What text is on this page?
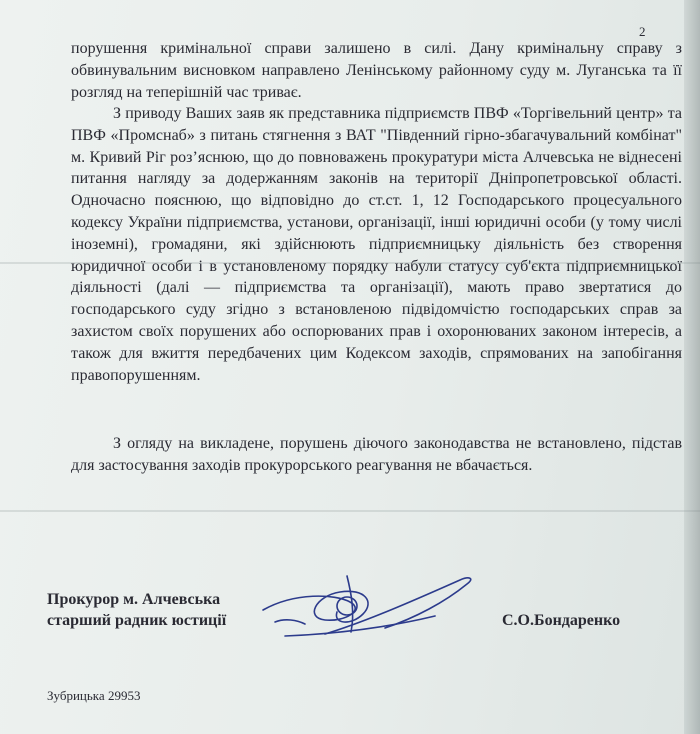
2

порушення кримінальної справи залишено в силі. Дану кримінальну справу з обвинувальним висновком направлено Ленінському районному суду м. Луганська та її розгляд на теперішній час триває.

З приводу Ваших заяв як представника підприємств ПВФ «Торгівельний центр» та ПВФ «Промснаб» з питань стягнення з ВАТ "Південний гірно-збагачувальний комбінат" м. Кривий Ріг роз’яснюю, що до повноважень прокуратури міста Алчевська не віднесені питання нагляду за додержанням законів на території Дніпропетровської області. Одночасно пояснюю, що відповідно до ст.ст. 1, 12 Господарського процесуального кодексу України підприємства, установи, організації, інші юридичні особи (у тому числі іноземні), громадяни, які здійснюють підприємницьку діяльність без створення юридичної особи і в установленому порядку набули статусу суб'єкта підприємницької діяльності (далі — підприємства та організації), мають право звертатися до господарського суду згідно з встановленою підвідомчістю господарських справ за захистом своїх порушених або оспорюваних прав і охоронюваних законом інтересів, а також для вжиття передбачених цим Кодексом заходів, спрямованих на запобігання правопорушенням.

З огляду на викладене, порушень діючого законодавства не встановлено, підстав для застосування заходів прокурорського реагування не вбачається.

Прокурор м. Алчевська
старший радник юстиції	С.О.Бондаренко
Зубрицька 29953
